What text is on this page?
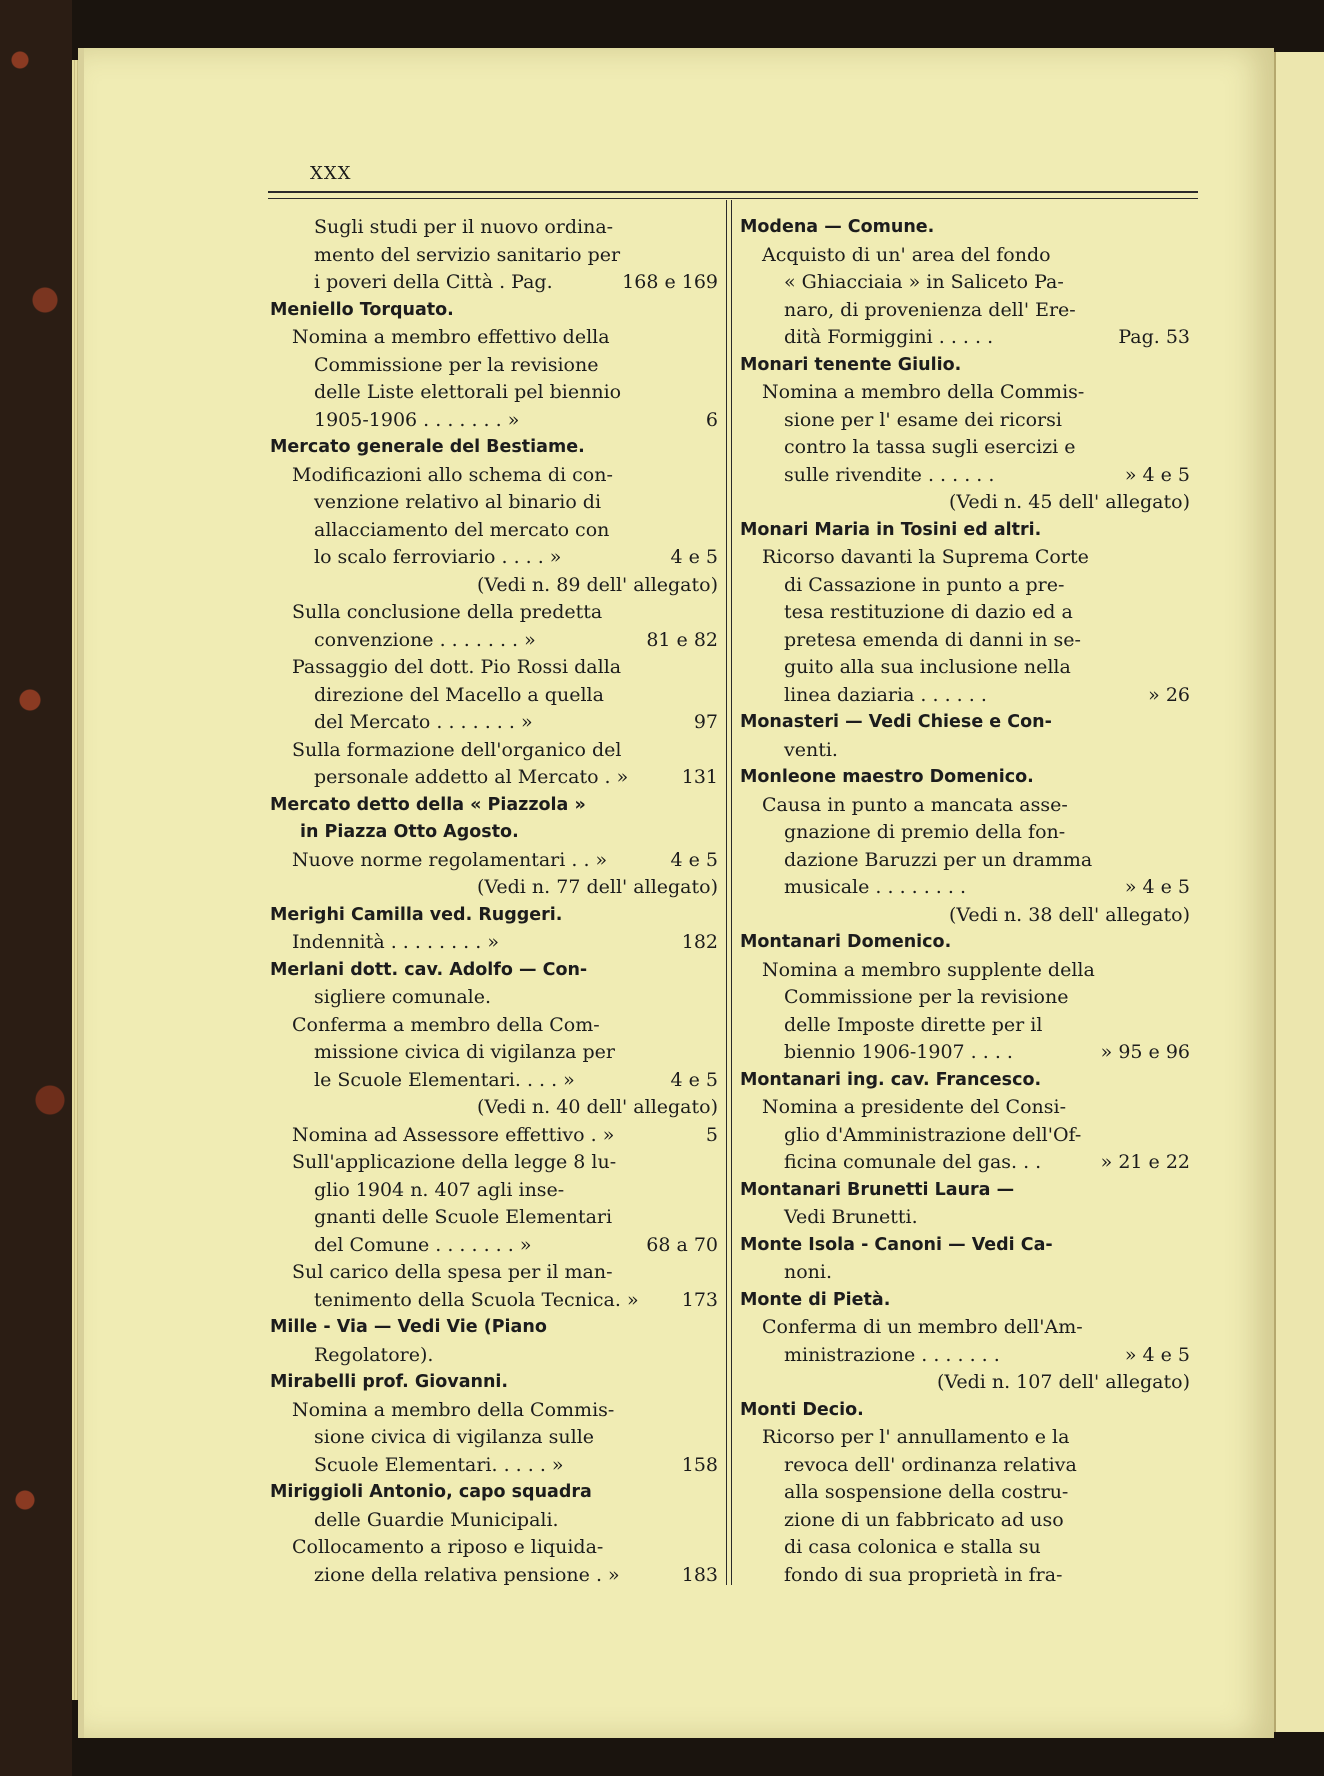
XXX
Sugli studi per il nuovo ordina-
mento del servizio sanitario per
i poveri della Città . Pag.	168 e 169
Meniello Torquato.
Nomina a membro effettivo della
Commissione per la revisione
delle Liste elettorali pel biennio
1905-1906 . . . . . . . »	6
Mercato generale del Bestiame.
Modificazioni allo schema di con-
venzione relativo al binario di
allacciamento del mercato con
lo scalo ferroviario . . . . »	4 e 5
(Vedi n. 89 dell' allegato)
Sulla conclusione della predetta
convenzione . . . . . . . »	81 e 82
Passaggio del dott. Pio Rossi dalla
direzione del Macello a quella
del Mercato . . . . . . . »	97
Sulla formazione dell'organico del
personale addetto al Mercato . »	131
Mercato detto della « Piazzola »
in Piazza Otto Agosto.
Nuove norme regolamentari . . »	4 e 5
(Vedi n. 77 dell' allegato)
Merighi Camilla ved. Ruggeri.
Indennità . . . . . . . . »	182
Merlani dott. cav. Adolfo — Con-
sigliere comunale.
Conferma a membro della Com-
missione civica di vigilanza per
le Scuole Elementari. . . . »	4 e 5
(Vedi n. 40 dell' allegato)
Nomina ad Assessore effettivo . »	5
Sull'applicazione della legge 8 lu-
glio 1904 n. 407 agli inse-
gnanti delle Scuole Elementari
del Comune . . . . . . . »	68 a 70
Sul carico della spesa per il man-
tenimento della Scuola Tecnica. »	173
Mille - Via — Vedi Vie (Piano
Regolatore).
Mirabelli prof. Giovanni.
Nomina a membro della Commis-
sione civica di vigilanza sulle
Scuole Elementari. . . . . »	158
Miriggioli Antonio, capo squadra
delle Guardie Municipali.
Collocamento a riposo e liquida-
zione della relativa pensione . »	183
Modena — Comune.
Acquisto di un' area del fondo
« Ghiacciaia » in Saliceto Pa-
naro, di provenienza dell' Ere-
dità Formiggini . . . . .	Pag. 53
Monari tenente Giulio.
Nomina a membro della Commis-
sione per l' esame dei ricorsi
contro la tassa sugli esercizi e
sulle rivendite . . . . . .	» 4 e 5
(Vedi n. 45 dell' allegato)
Monari Maria in Tosini ed altri.
Ricorso davanti la Suprema Corte
di Cassazione in punto a pre-
tesa restituzione di dazio ed a
pretesa emenda di danni in se-
guito alla sua inclusione nella
linea daziaria . . . . . .	» 26
Monasteri — Vedi Chiese e Con-
venti.
Monleone maestro Domenico.
Causa in punto a mancata asse-
gnazione di premio della fon-
dazione Baruzzi per un dramma
musicale . . . . . . . .	» 4 e 5
(Vedi n. 38 dell' allegato)
Montanari Domenico.
Nomina a membro supplente della
Commissione per la revisione
delle Imposte dirette per il
biennio 1906-1907 . . . .	» 95 e 96
Montanari ing. cav. Francesco.
Nomina a presidente del Consi-
glio d'Amministrazione dell'Of-
ficina comunale del gas. . .	» 21 e 22
Montanari Brunetti Laura —
Vedi Brunetti.
Monte Isola - Canoni — Vedi Ca-
noni.
Monte di Pietà.
Conferma di un membro dell'Am-
ministrazione . . . . . . .	» 4 e 5
(Vedi n. 107 dell' allegato)
Monti Decio.
Ricorso per l' annullamento e la
revoca dell' ordinanza relativa
alla sospensione della costru-
zione di un fabbricato ad uso
di casa colonica e stalla su
fondo di sua proprietà in fra-
